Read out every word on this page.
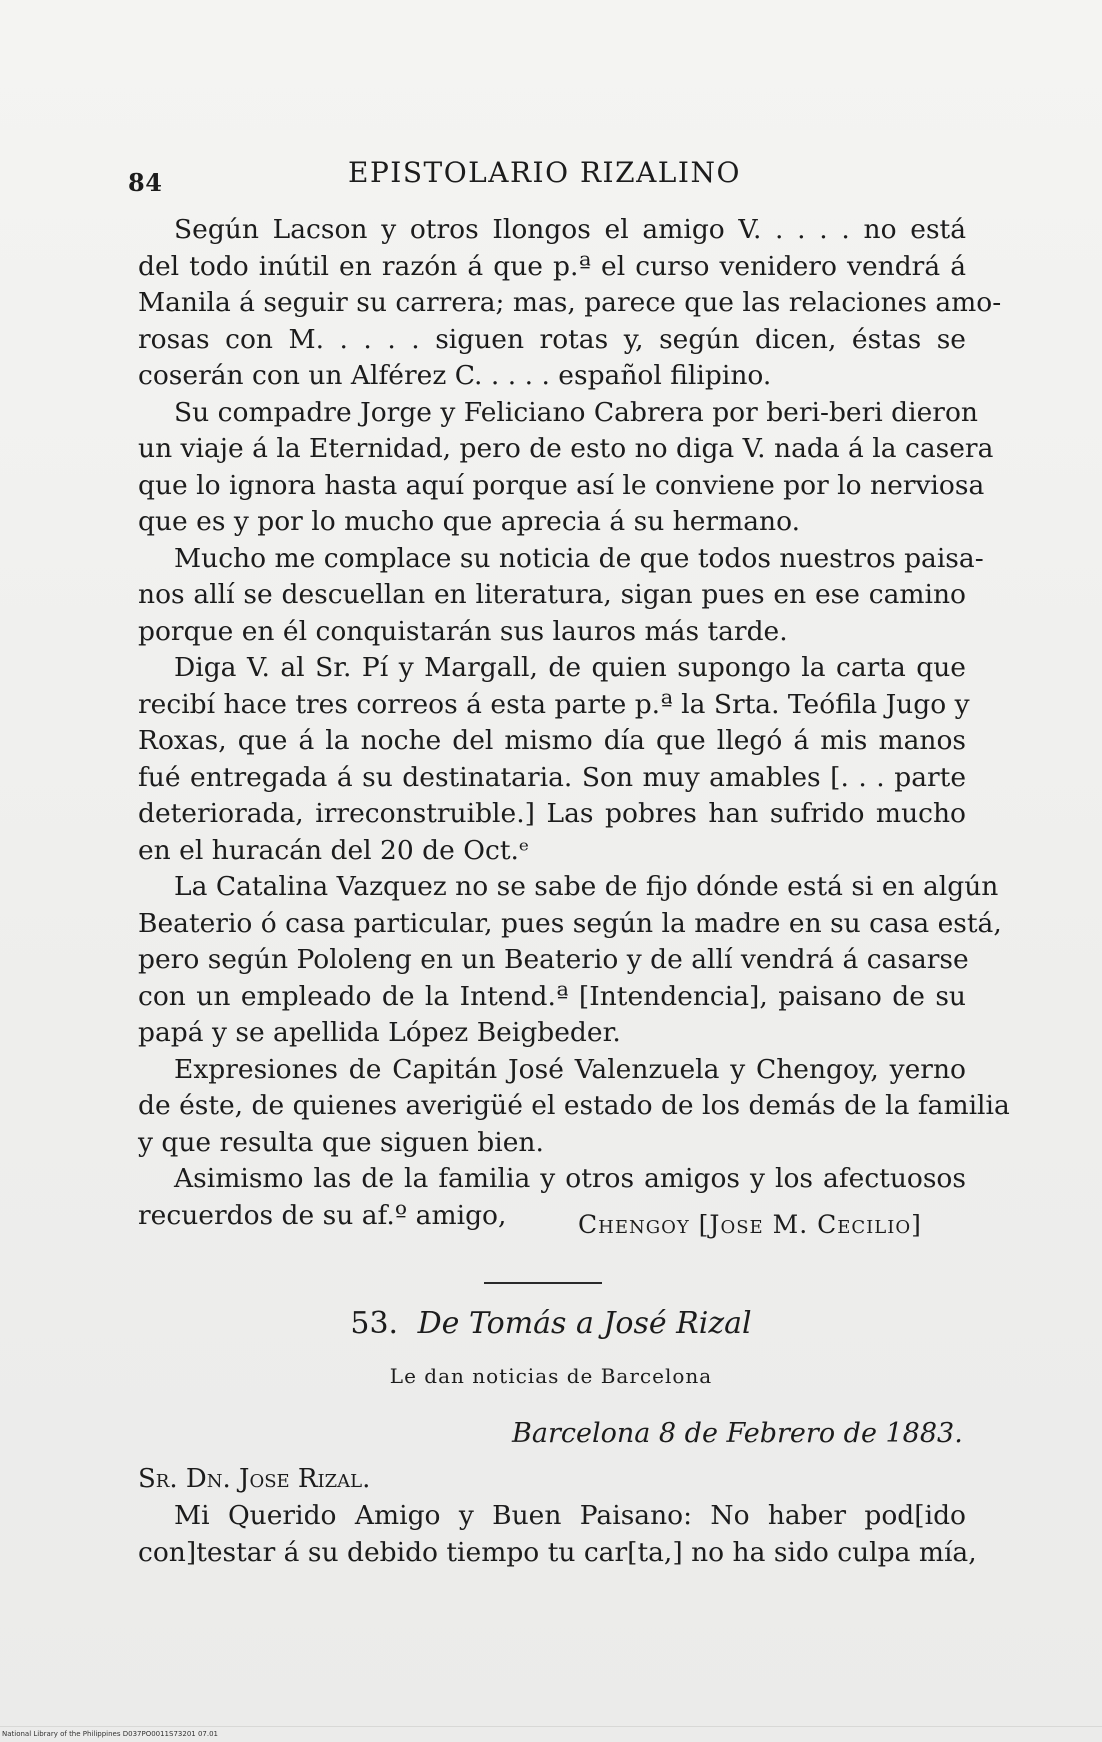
84	EPISTOLARIO RIZALINO
Según Lacson y otros Ilongos el amigo V. . . . . no está
del todo inútil en razón á que p.ª el curso venidero vendrá á
Manila á seguir su carrera; mas, parece que las relaciones amo-
rosas con M. . . . . siguen rotas y, según dicen, éstas se
coserán con un Alférez C. . . . . español filipino.
Su compadre Jorge y Feliciano Cabrera por beri-beri dieron
un viaje á la Eternidad, pero de esto no diga V. nada á la casera
que lo ignora hasta aquí porque así le conviene por lo nerviosa
que es y por lo mucho que aprecia á su hermano.
Mucho me complace su noticia de que todos nuestros paisa-
nos allí se descuellan en literatura, sigan pues en ese camino
porque en él conquistarán sus lauros más tarde.
Diga V. al Sr. Pí y Margall, de quien supongo la carta que
recibí hace tres correos á esta parte p.ª la Srta. Teófila Jugo y
Roxas, que á la noche del mismo día que llegó á mis manos
fué entregada á su destinataria. Son muy amables [. . . parte
deteriorada, irreconstruible.] Las pobres han sufrido mucho
en el huracán del 20 de Oct.ᵉ
La Catalina Vazquez no se sabe de fijo dónde está si en algún
Beaterio ó casa particular, pues según la madre en su casa está,
pero según Pololeng en un Beaterio y de allí vendrá á casarse
con un empleado de la Intend.ª [Intendencia], paisano de su
papá y se apellida López Beigbeder.
Expresiones de Capitán José Valenzuela y Chengoy, yerno
de éste, de quienes averigüé el estado de los demás de la familia
y que resulta que siguen bien.
Asimismo las de la familia y otros amigos y los afectuosos
recuerdos de su af.º amigo,	Chengoy [Jose M. Cecilio]
53. De Tomás a José Rizal
Le dan noticias de Barcelona
Barcelona 8 de Febrero de 1883.
Sr. Dn. Jose Rizal.
Mi Querido Amigo y Buen Paisano: No haber pod[ido
con]testar á su debido tiempo tu car[ta,] no ha sido culpa mía,
National Library of the Philippines D037PO0011S73201 07.01
